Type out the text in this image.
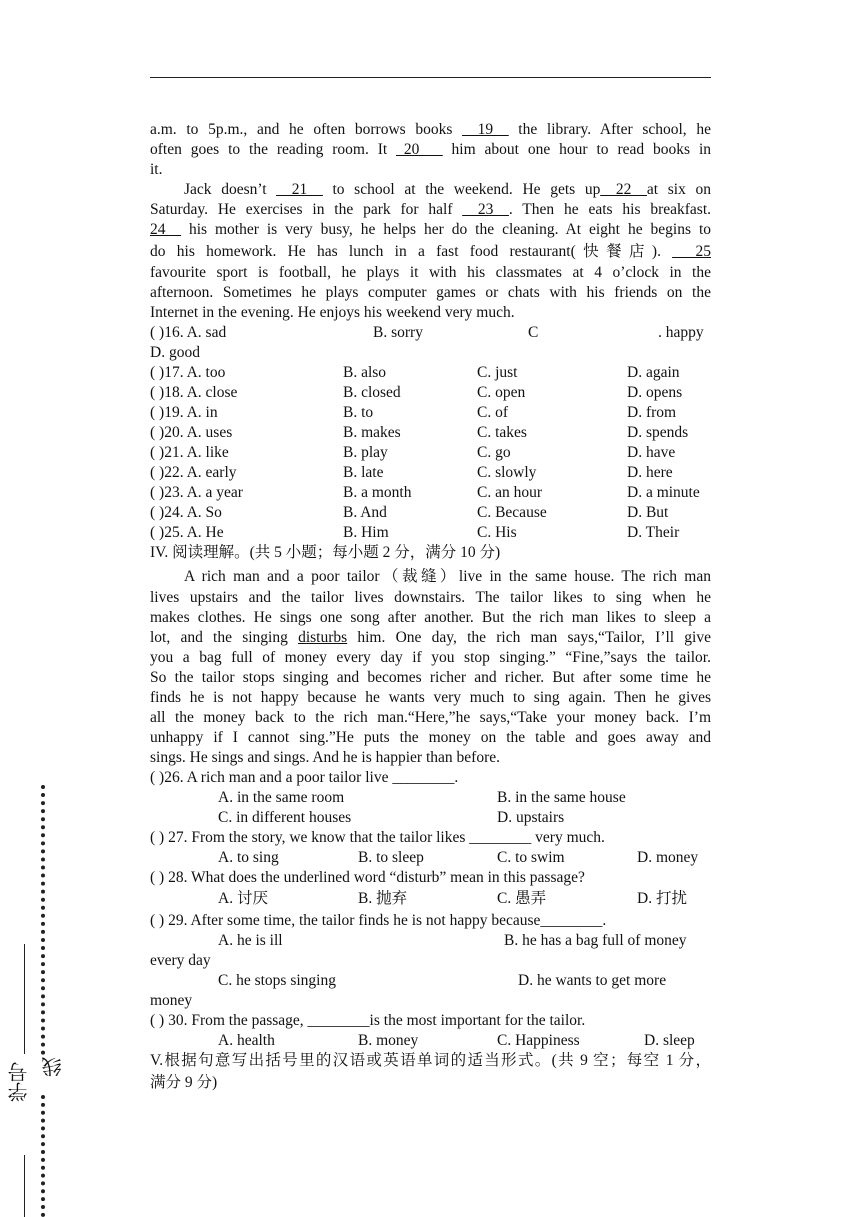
a.m. to 5p.m., and he often borrows books __19__ the library. After school, he
often goes to the reading room. It _20___ him about one hour to read books in
it.
Jack doesn’t __21__ to school at the weekend. He gets up__22__at six on
Saturday. He exercises in the park for half __23__. Then he eats his breakfast.
24__ his mother is very busy, he helps her do the cleaning. At eight he begins to
do his homework. He has lunch in a fast food restaurant(快餐店). ___25
favourite sport is football, he plays it with his classmates at 4 o’clock in the
afternoon. Sometimes he plays computer games or chats with his friends on the
Internet in the evening. He enjoys his weekend very much.
( )16. A. sad	B. sorry	C	. happy
D. good
( )17. A. too	B. also	C. just	D. again
( )18. A. close	B. closed	C. open	D. opens
( )19. A. in	B. to	C. of	D. from
( )20. A. uses	B. makes	C. takes	D. spends
( )21. A. like	B. play	C. go	D. have
( )22. A. early	B. late	C. slowly	D. here
( )23. A. a year	B. a month	C. an hour	D. a minute
( )24. A. So	B. And	C. Because	D. But
( )25. A. He	B. Him	C. His	D. Their
IV. 阅读理解。(共 5 小题；每小题 2 分，满分 10 分)
A rich man and a poor tailor（裁缝）live in the same house. The rich man
lives upstairs and the tailor lives downstairs. The tailor likes to sing when he
makes clothes. He sings one song after another. But the rich man likes to sleep a
lot, and the singing disturbs him. One day, the rich man says,“Tailor, I’ll give
you a bag full of money every day if you stop singing.” “Fine,”says the tailor.
So the tailor stops singing and becomes richer and richer. But after some time he
finds he is not happy because he wants very much to sing again. Then he gives
all the money back to the rich man.“Here,”he says,“Take your money back. I’m
unhappy if I cannot sing.”He puts the money on the table and goes away and
sings. He sings and sings. And he is happier than before.
( )26. A rich man and a poor tailor live ________.
A. in the same room	B. in the same house
C. in different houses	D. upstairs
( ) 27. From the story, we know that the tailor likes ________ very much.
A. to sing	B. to sleep	C. to swim	D. money
( ) 28. What does the underlined word “disturb” mean in this passage?
A. 讨厌	B. 抛弃	C. 愚弄	D. 打扰
( ) 29. After some time, the tailor finds he is not happy because________.
A. he is ill	B. he has a bag full of money
every day
C. he stops singing	D. he wants to get more
money
( ) 30. From the passage, ________is the most important for the tailor.
A. health	B. money	C. Happiness	D. sleep
V.根据句意写出括号里的汉语或英语单词的适当形式。(共 9 空；每空 1 分，
满分 9 分)
线
学号
